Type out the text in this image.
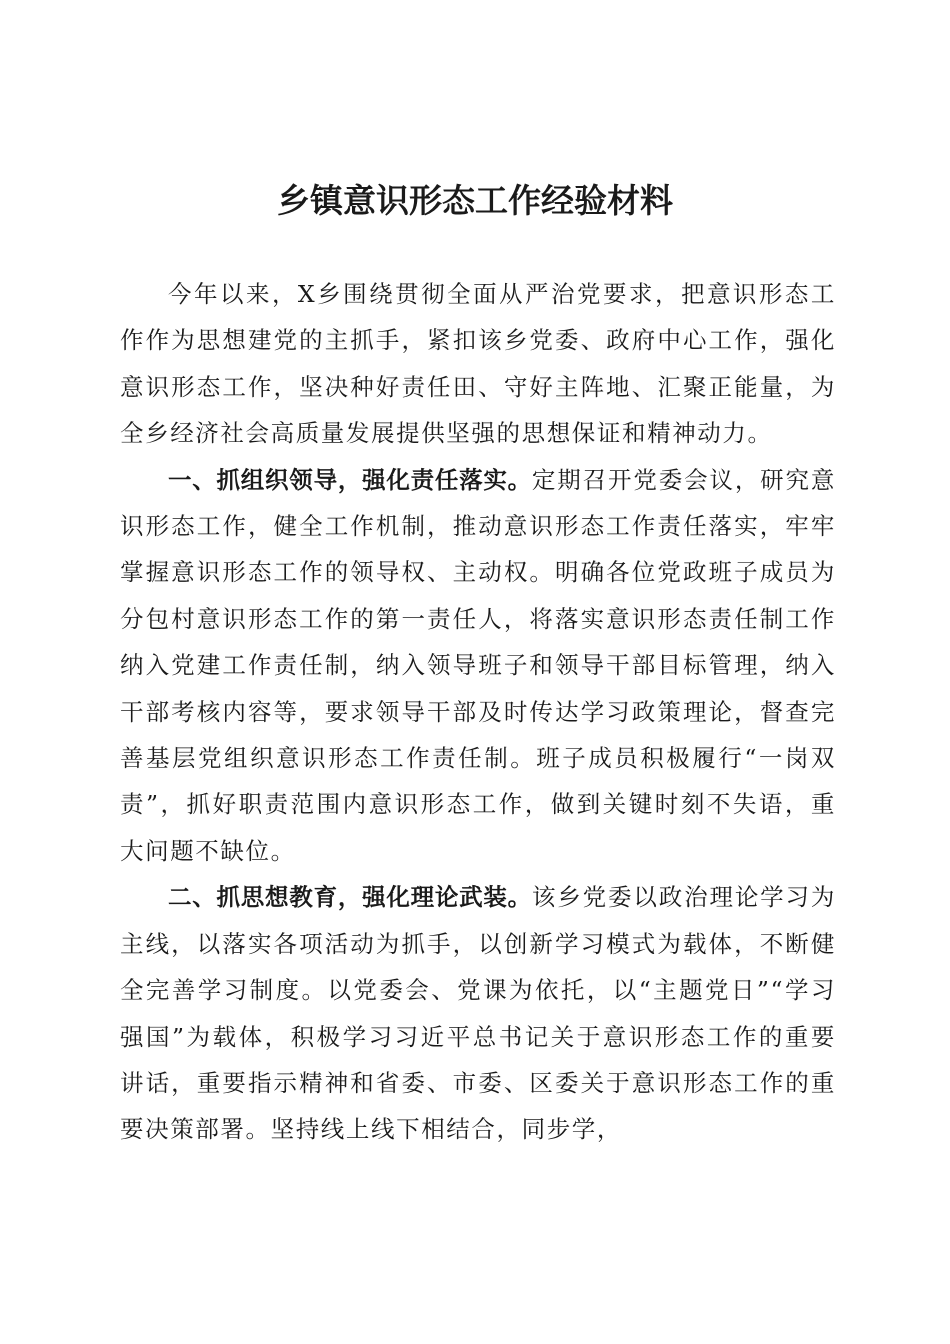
乡镇意识形态工作经验材料

今年以来，X乡围绕贯彻全面从严治党要求，把意识形态工作作为思想建党的主抓手，紧扣该乡党委、政府中心工作，强化意识形态工作，坚决种好责任田、守好主阵地、汇聚正能量，为全乡经济社会高质量发展提供坚强的思想保证和精神动力。

一、抓组织领导，强化责任落实。定期召开党委会议，研究意识形态工作，健全工作机制，推动意识形态工作责任落实，牢牢掌握意识形态工作的领导权、主动权。明确各位党政班子成员为分包村意识形态工作的第一责任人，将落实意识形态责任制工作纳入党建工作责任制，纳入领导班子和领导干部目标管理，纳入干部考核内容等，要求领导干部及时传达学习政策理论，督查完善基层党组织意识形态工作责任制。班子成员积极履行“一岗双责”，抓好职责范围内意识形态工作，做到关键时刻不失语，重大问题不缺位。

二、抓思想教育，强化理论武装。该乡党委以政治理论学习为主线，以落实各项活动为抓手，以创新学习模式为载体，不断健全完善学习制度。以党委会、党课为依托，以“主题党日”“学习强国”为载体，积极学习习近平总书记关于意识形态工作的重要讲话，重要指示精神和省委、市委、区委关于意识形态工作的重要决策部署。坚持线上线下相结合，同步学，
